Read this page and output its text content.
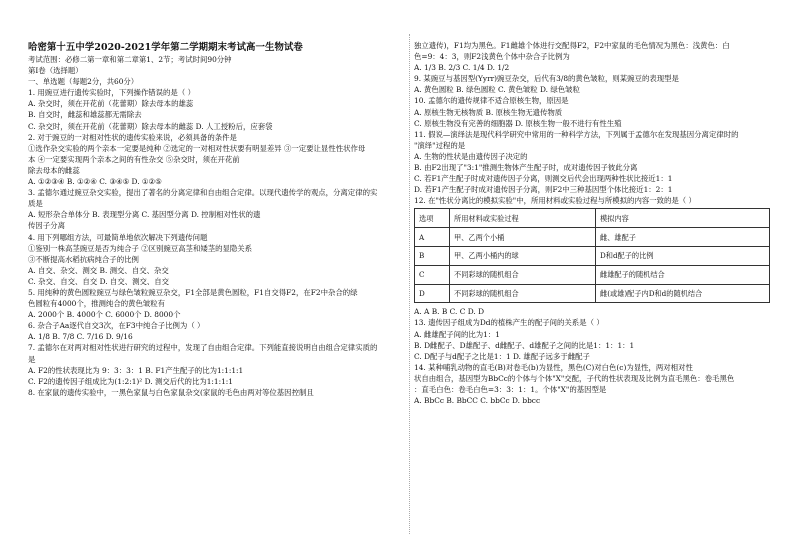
哈密第十五中学2020-2021学年第二学期期末考试高一生物试卷

考试范围：必修二第一章和第二章第1、2节；考试时间90分钟

第I卷（选择题）

一、单选题（每题2分，共60分）

1. 用豌豆进行遗传实验时，下列操作错误的是（ ）

A. 杂交时，须在开花前（花蕾期）除去母本的雄蕊

B. 自交时，雌蕊和雄蕊都无需除去

C. 杂交时，须在开花前（花蕾期）除去母本的雌蕊 D. 人工授粉后，应套袋

2. 对于豌豆的一对相对性状的遗传实验来说，必须具备的条件是

①选作杂交实验的两个亲本一定要是纯种 ②选定的一对相对性状要有明显差异 ③一定要让显性性状作母

本 ④一定要实现两个亲本之间的有性杂交 ⑤杂交时，须在开花前

除去母本的雌蕊

A. ①②③④ B. ①②④ C. ③④⑤ D. ①②⑤

3. 孟德尔通过豌豆杂交实验，提出了著名的分离定律和自由组合定律。以现代遗传学的观点，分离定律的实

质是

A. 短形杂合单体分 B. 表现型分离 C. 基因型分离 D. 控制相对性状的遗

传因子分离

4. 用下列哪组方法，可最简单地依次解决下列遗传问题

①鉴别一株高茎豌豆是否为纯合子 ②区别豌豆高茎和矮茎的显隐关系

③不断提高水稻抗病纯合子的比例

A. 自交、杂交、测交 B. 测交、自交、杂交

C. 杂交、自交、自交 D. 自交、测交、自交

5. 用纯种的黄色圆粒豌豆与绿色皱粒豌豆杂交，F1全部是黄色圆粒，F1自交得F2，在F2中杂合的绿

色圆粒有4000个，推测纯合的黄色皱粒有

A. 2000个 B. 4000个 C. 6000个 D. 8000个

6. 杂合子Aa逐代自交3次，在F3中纯合子比例为（ ）

A. 1/8 B. 7/8 C. 7/16 D. 9/16

7. 孟德尔在对两对相对性状进行研究的过程中，发现了自由组合定律。下列能直接说明自由组合定律实质的

是

A. F2的性状表现比为 9：3：3：1 B. F1产生配子的比为1:1:1:1

C. F2的遗传因子组成比为(1:2:1)² D. 测交后代的比为1:1:1:1

8. 在家鼠的遗传实验中，一黑色家鼠与白色家鼠杂交(家鼠的毛色由两对等位基因控制且

独立遗传)，F1均为黑色。F1雌雄个体进行交配得F2，F2中家鼠的毛色情况为黑色：浅黄色：白

色=9：4：3，则F2浅黄色个体中杂合子比例为

A. 1/3 B. 2/3 C. 1/4 D. 1/2

9. 某豌豆与基因型(Yyrr)豌豆杂交，后代有3/8的黄色皱粒，则某豌豆的表现型是

A. 黄色圆粒 B. 绿色圆粒 C. 黄色皱粒 D. 绿色皱粒

10. 孟德尔的遗传规律不适合原核生物，原因是

A. 原核生物无核物质 B. 原核生物无遗传物质

C. 原核生物没有完善的细胞器 D. 原核生物一般不进行有性生殖

11. 假说—演绎法是现代科学研究中常用的一种科学方法，下列属于孟德尔在发现基因分离定律时的

"演绎"过程的是

A. 生物的性状是由遗传因子决定的

B. 由F2出现了"3:1"推测生物体产生配子时，成对遗传因子彼此分离

C. 若F1产生配子时成对遗传因子分离，则测交后代会出现两种性状比接近1：1

D. 若F1产生配子时成对遗传因子分离，则F2中三种基因型个体比接近1：2：1

12. 在"性状分离比的模拟实验"中，所用材料或实验过程与所模拟的内容一致的是（ ）

选项	所用材料或实验过程	模拟内容
A	甲、乙两个小桶	雌、雄配子
B	甲、乙两小桶内的球	D和d配子的比例
C	不同彩球的随机组合	雌雄配子的随机结合
D	不同彩球的随机组合	雌(或雄)配子内D和d的随机结合

A. A B. B C. C D. D

13. 遗传因子组成为Dd的植株产生的配子间的关系是（ ）

A. 雌雄配子间的比为1：1

B. D雌配子、D雄配子、d雌配子、d雄配子之间的比是1：1：1：1

C. D配子与d配子之比是1：1 D. 雄配子远多于雌配子

14. 某种哺乳动物的直毛(B)对卷毛(b)为显性，黑色(C)对白色(c)为显性，两对相对性

状自由组合，基因型为BbCc的个体与个体"X"交配，子代的性状表现及比例为直毛黑色：卷毛黑色

：直毛白色：卷毛白色=3：3：1：1。个体"X"的基因型是

A. BbCc B. BbCC C. bbCc D. bbcc
